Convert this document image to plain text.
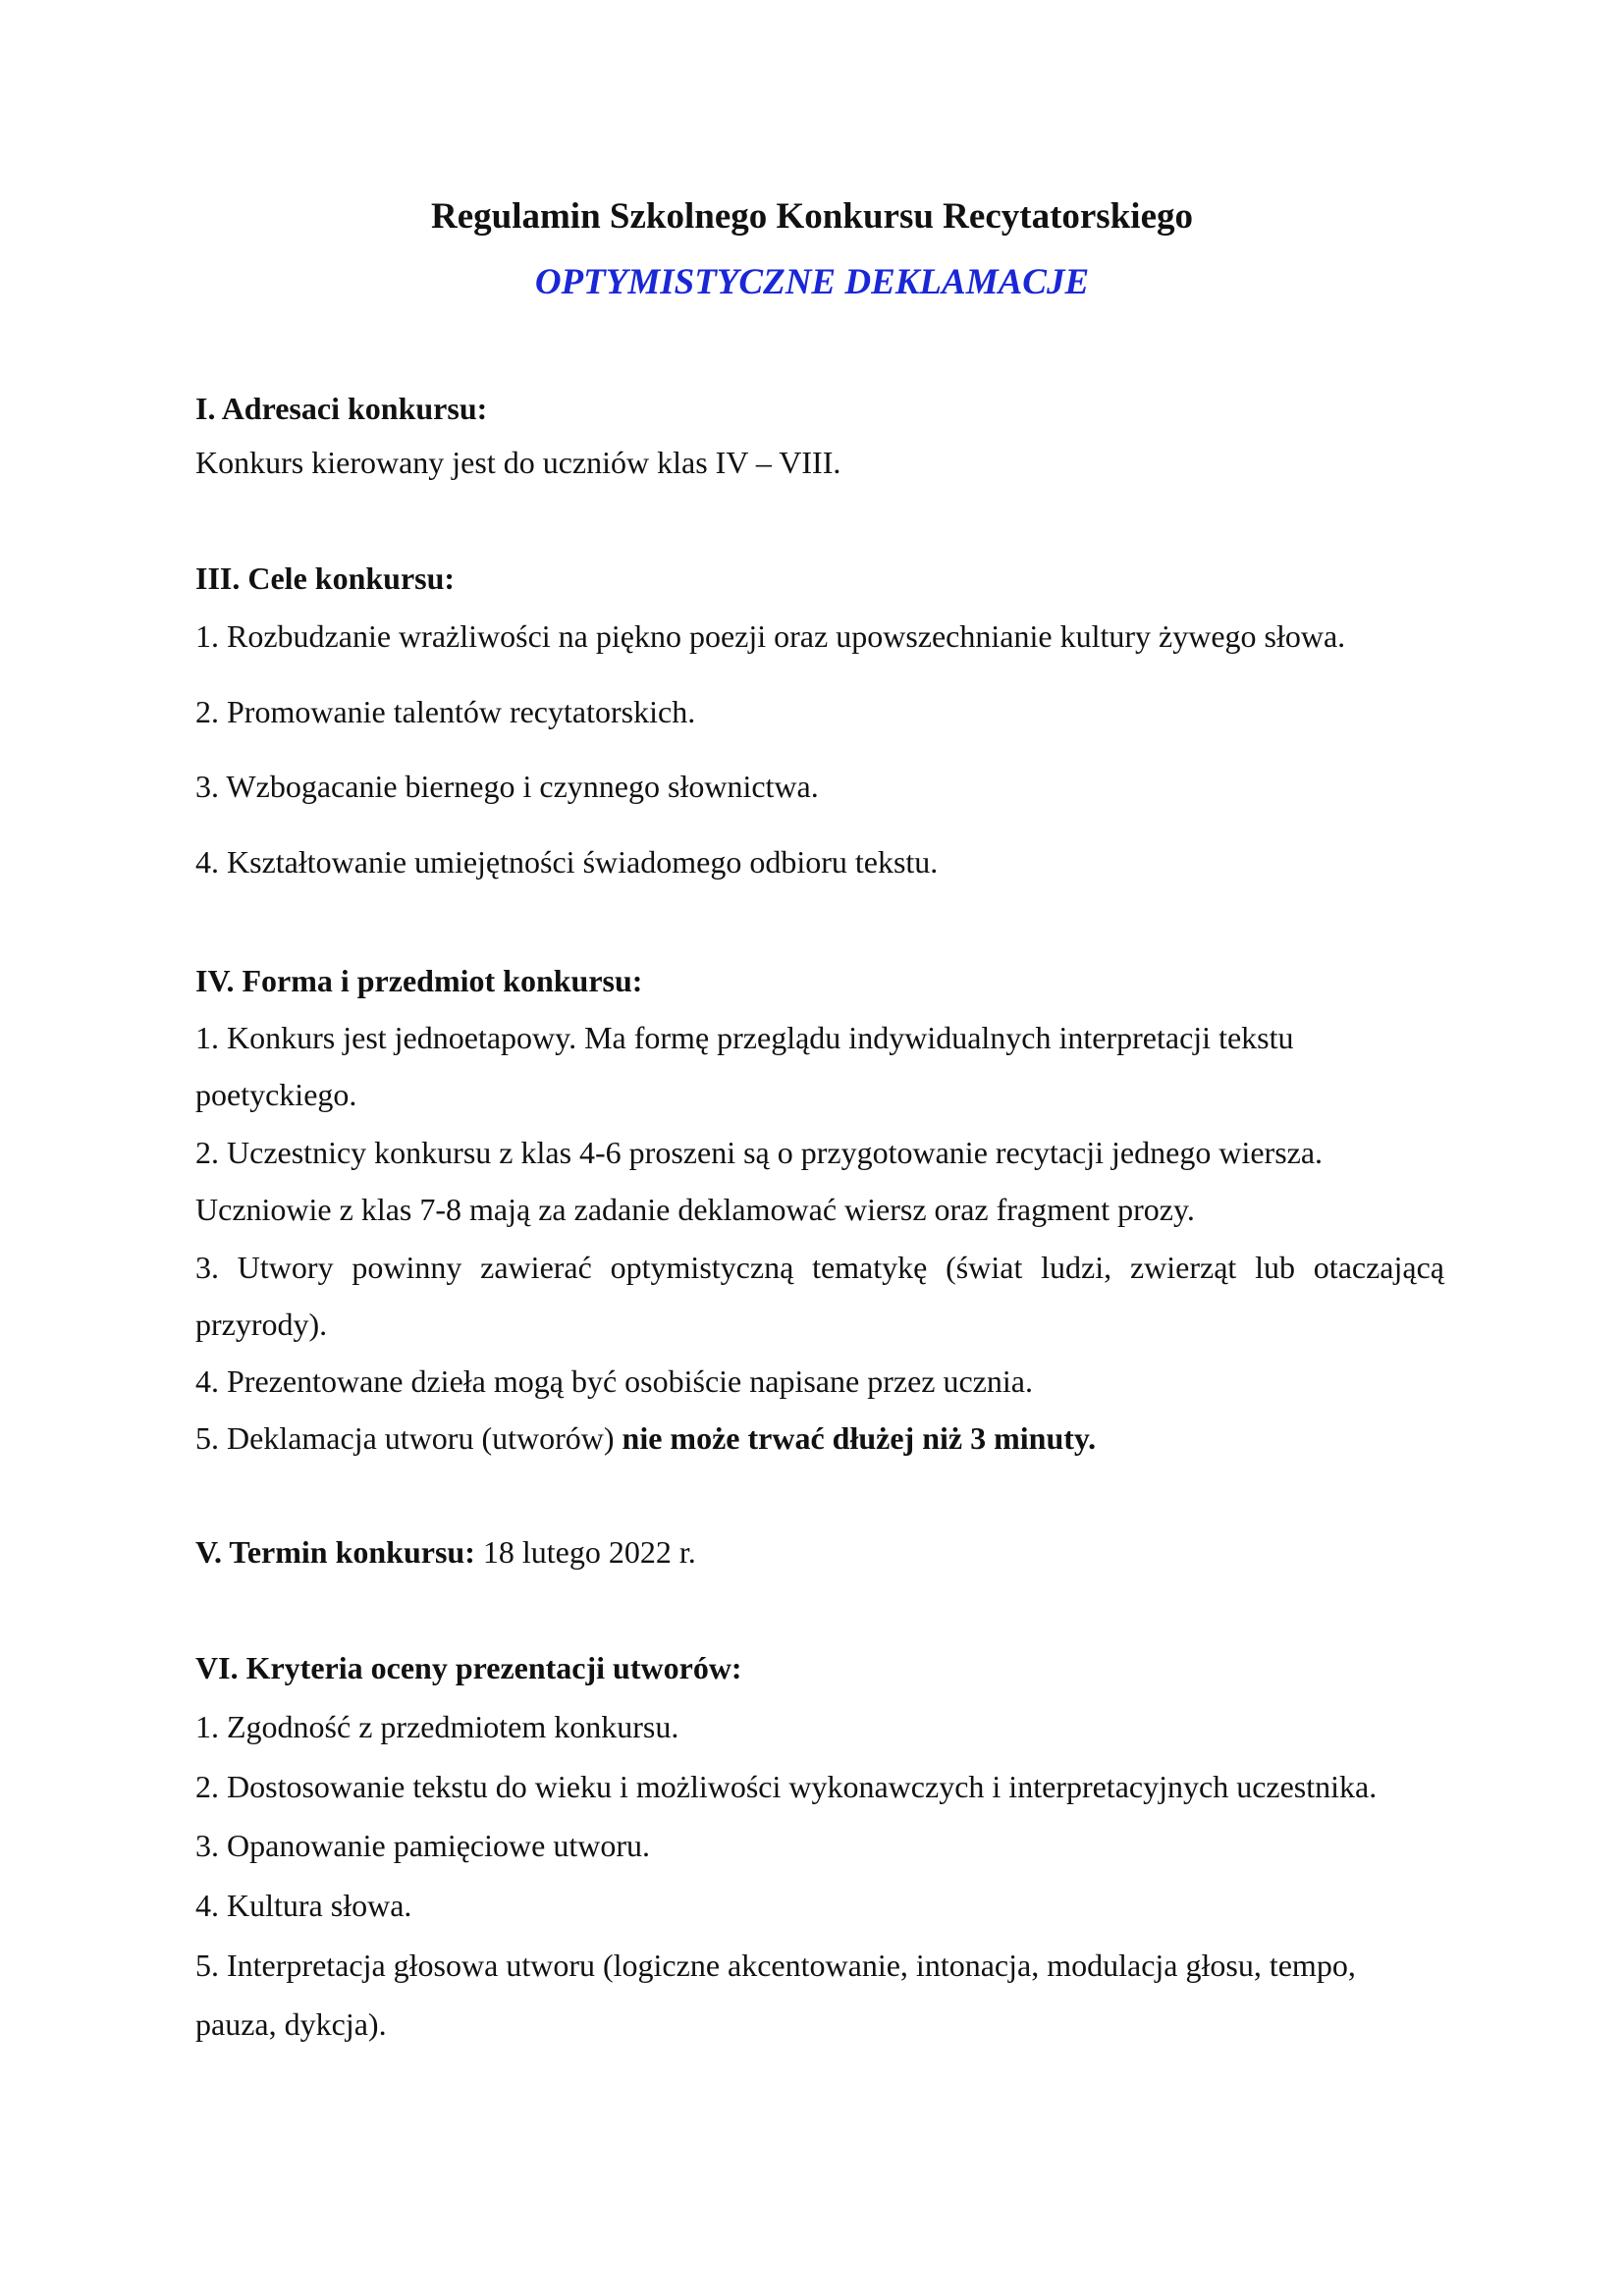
Regulamin Szkolnego Konkursu Recytatorskiego
OPTYMISTYCZNE DEKLAMACJE
I. Adresaci konkursu:
Konkurs kierowany jest do uczniów klas IV – VIII.
III. Cele konkursu:
1. Rozbudzanie wrażliwości na piękno poezji oraz upowszechnianie kultury żywego słowa.
2. Promowanie talentów recytatorskich.
3. Wzbogacanie biernego i czynnego słownictwa.
4. Kształtowanie umiejętności świadomego odbioru tekstu.
IV. Forma i przedmiot konkursu:
1. Konkurs jest jednoetapowy. Ma formę przeglądu indywidualnych interpretacji tekstu
poetyckiego.
2. Uczestnicy konkursu z klas 4-6 proszeni są o przygotowanie recytacji jednego wiersza.
Uczniowie z klas 7-8 mają za zadanie deklamować wiersz oraz fragment prozy.
3. Utwory powinny zawierać optymistyczną tematykę (świat ludzi, zwierząt lub otaczającą
przyrody).
4. Prezentowane dzieła mogą być osobiście napisane przez ucznia.
5. Deklamacja utworu (utworów) nie może trwać dłużej niż 3 minuty.
V. Termin konkursu: 18 lutego 2022 r.
VI. Kryteria oceny prezentacji utworów:
1. Zgodność z przedmiotem konkursu.
2. Dostosowanie tekstu do wieku i możliwości wykonawczych i interpretacyjnych uczestnika.
3. Opanowanie pamięciowe utworu.
4. Kultura słowa.
5. Interpretacja głosowa utworu (logiczne akcentowanie, intonacja, modulacja głosu, tempo,
pauza, dykcja).
